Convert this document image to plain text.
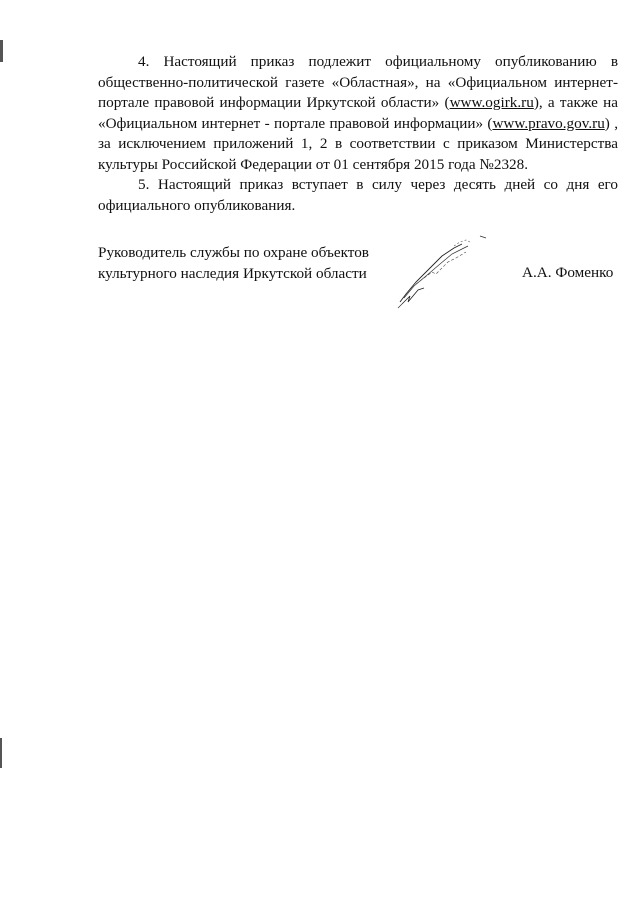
4. Настоящий приказ подлежит официальному опубликованию в общественно-политической газете «Областная», на «Официальном интернет-портале правовой информации Иркутской области» (www.ogirk.ru), а также на «Официальном интернет - портале правовой информации» (www.pravo.gov.ru) , за исключением приложений 1, 2 в соответствии с приказом Министерства культуры Российской Федерации от 01 сентября 2015 года №2328.

5. Настоящий приказ вступает в силу через десять дней со дня его официального опубликования.

Руководитель службы по охране объектов
культурного наследия Иркутской области	А.А. Фоменко
